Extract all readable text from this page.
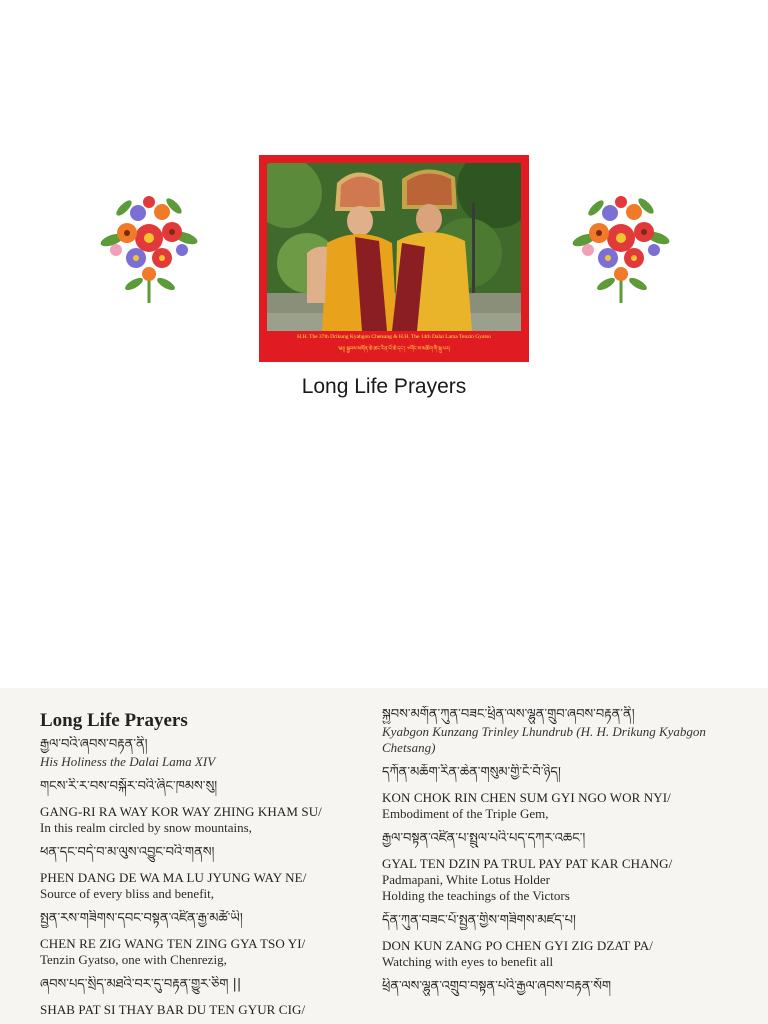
H.H. The 37th Drikung Kyabgon Chetsang & H.H. The 14th Dalai Lama Tenzin Gyatso
༄།། སྐྱབས་མགོན་ཆེ་ཚང་རིན་པོ་ཆེ་དང་། ༧གོང་ས་མཆོག་གི་སྐུ་པར།
Long Life Prayers
Long Life Prayers
རྒྱལ་བའི་ཞབས་བརྟན་ནི།
His Holiness the Dalai Lama XIV
གངས་རི་ར་བས་བསྐོར་བའི་ཞིང་ཁམས་སུ།
GANG-RI RA WAY KOR WAY ZHING KHAM SU/
In this realm circled by snow mountains,
ཕན་དང་བདེ་བ་མ་ལུས་འབྱུང་བའི་གནས།
PHEN DANG DE WA MA LU JYUNG WAY NE/
Source of every bliss and benefit,
སྤྱན་རས་གཟིགས་དབང་བསྟན་འཛིན་རྒྱ་མཚོ་ཡི།
CHEN RE ZIG WANG TEN ZING GYA TSO YI/
Tenzin Gyatso, one with Chenrezig,
ཞབས་པད་སྲིད་མཐའི་བར་དུ་བརྟན་གྱུར་ཅིག ||
SHAB PAT SI THAY BAR DU TEN GYUR CIG/
སྐྱབས་མགོན་ཀུན་བཟང་ཕྲིན་ལས་ལྷུན་གྲུབ་ཞབས་བརྟན་ནི།
Kyabgon Kunzang Trinley Lhundrub (H. H. Drikung Kyabgon Chetsang)
དཀོན་མཆོག་རིན་ཆེན་གསུམ་གྱི་ངོ་བོ་ཉིད།
KON CHOK RIN CHEN SUM GYI NGO WOR NYI/
Embodiment of the Triple Gem,
རྒྱལ་བསྟན་འཛིན་པ་སྤྲུལ་པའི་པད་དཀར་འཆང་།
GYAL TEN DZIN PA TRUL PAY PAT KAR CHANG/
Padmapani, White Lotus Holder
Holding the teachings of the Victors
དོན་ཀུན་བཟང་པོ་སྤྱན་གྱིས་གཟིགས་མཛད་པ།
DON KUN ZANG PO CHEN GYI ZIG DZAT PA/
Watching with eyes to benefit all
ཕྲིན་ལས་ལྷུན་འགྲུབ་བསྟན་པའི་རྒྱལ་ཞབས་བརྟན་སོག
